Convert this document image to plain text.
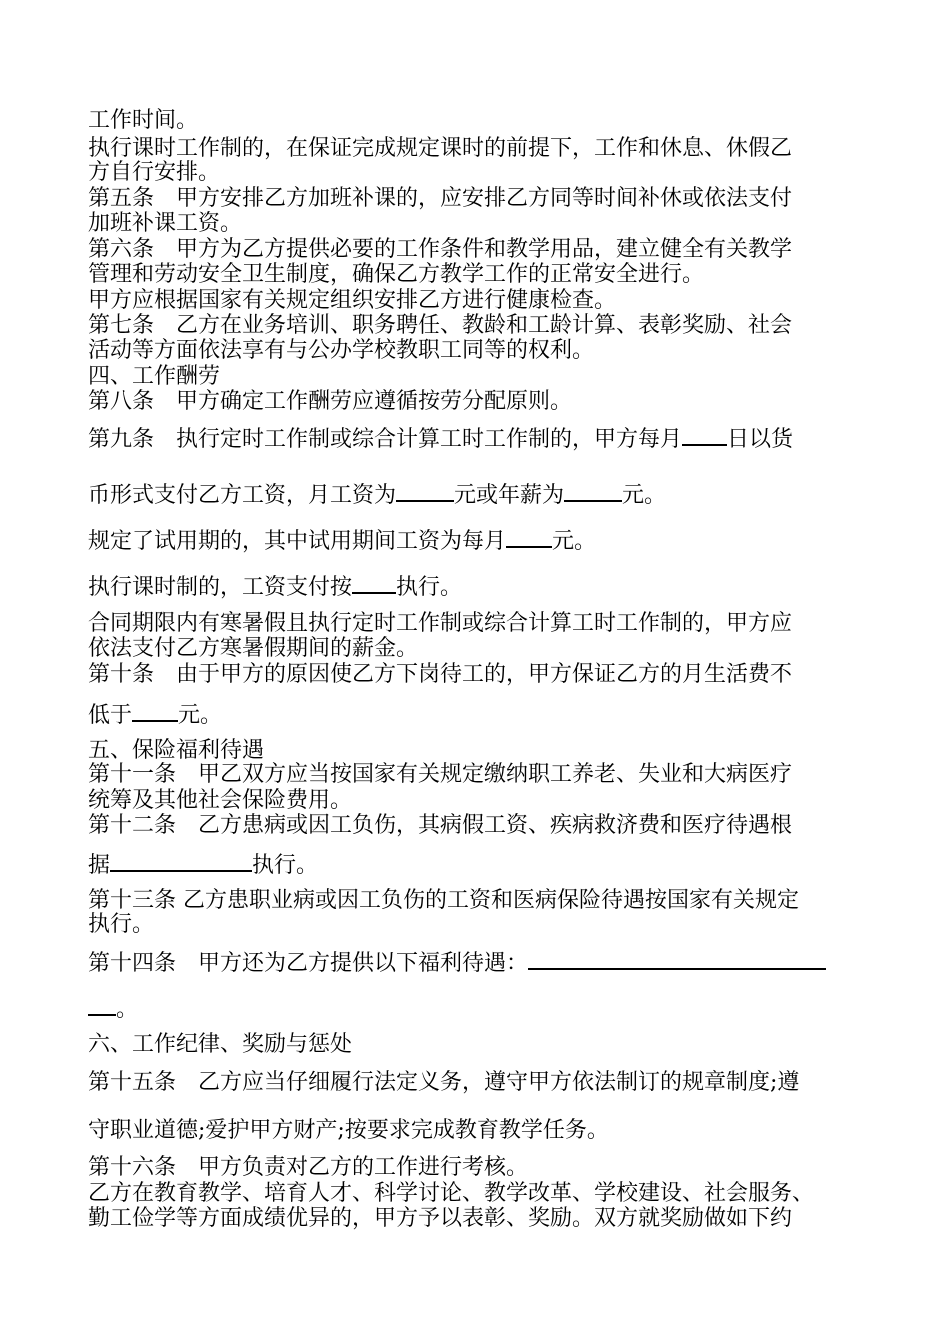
工作时间。
执行课时工作制的，在保证完成规定课时的前提下，工作和休息、休假乙
方自行安排。
第五条　甲方安排乙方加班补课的，应安排乙方同等时间补休或依法支付
加班补课工资。
第六条　甲方为乙方提供必要的工作条件和教学用品，建立健全有关教学
管理和劳动安全卫生制度，确保乙方教学工作的正常安全进行。
甲方应根据国家有关规定组织安排乙方进行健康检查。
第七条　乙方在业务培训、职务聘任、教龄和工龄计算、表彰奖励、社会
活动等方面依法享有与公办学校教职工同等的权利。
四、工作酬劳
第八条　甲方确定工作酬劳应遵循按劳分配原则。
第九条　执行定时工作制或综合计算工时工作制的，甲方每月 日以货
币形式支付乙方工资，月工资为	元或年薪为	元。
规定了试用期的，其中试用期间工资为每月 元。
执行课时制的，工资支付按 执行。
合同期限内有寒暑假且执行定时工作制或综合计算工时工作制的，甲方应
依法支付乙方寒暑假期间的薪金。
第十条　由于甲方的原因使乙方下岗待工的，甲方保证乙方的月生活费不
低于 元。
五、保险福利待遇
第十一条　甲乙双方应当按国家有关规定缴纳职工养老、失业和大病医疗
统筹及其他社会保险费用。
第十二条　乙方患病或因工负伤，其病假工资、疾病救济费和医疗待遇根
据	执行。
第十三条 乙方患职业病或因工负伤的工资和医病保险待遇按国家有关规定
执行。
第十四条　甲方还为乙方提供以下福利待遇：
。
六、工作纪律、奖励与惩处
第十五条　乙方应当仔细履行法定义务，遵守甲方依法制订的规章制度;遵
守职业道德;爱护甲方财产;按要求完成教育教学任务。
第十六条　甲方负责对乙方的工作进行考核。
乙方在教育教学、培育人才、科学讨论、教学改革、学校建设、社会服务、
勤工俭学等方面成绩优异的，甲方予以表彰、奖励。双方就奖励做如下约
